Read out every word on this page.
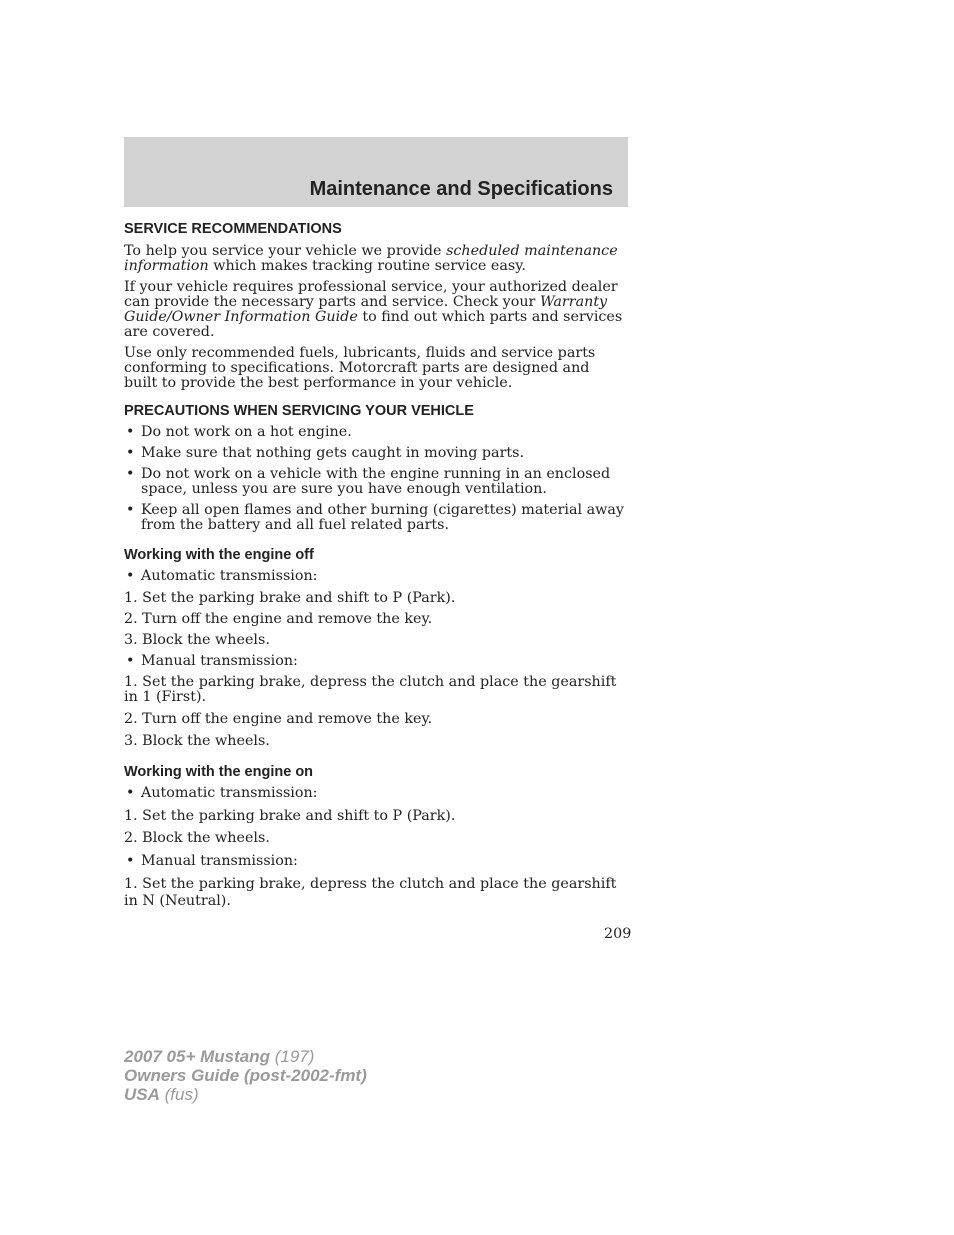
Maintenance and Specifications
SERVICE RECOMMENDATIONS

To help you service your vehicle we provide scheduled maintenance information which makes tracking routine service easy.

If your vehicle requires professional service, your authorized dealer can provide the necessary parts and service. Check your Warranty Guide/Owner Information Guide to find out which parts and services are covered.

Use only recommended fuels, lubricants, fluids and service parts conforming to specifications. Motorcraft parts are designed and built to provide the best performance in your vehicle.

PRECAUTIONS WHEN SERVICING YOUR VEHICLE
• Do not work on a hot engine.
• Make sure that nothing gets caught in moving parts.
• Do not work on a vehicle with the engine running in an enclosed space, unless you are sure you have enough ventilation.
• Keep all open flames and other burning (cigarettes) material away from the battery and all fuel related parts.
Working with the engine off
• Automatic transmission:

1. Set the parking brake and shift to P (Park).

2. Turn off the engine and remove the key.

3. Block the wheels.

• Manual transmission:

1. Set the parking brake, depress the clutch and place the gearshift in 1 (First).

2. Turn off the engine and remove the key.

3. Block the wheels.

Working with the engine on
• Automatic transmission:

1. Set the parking brake and shift to P (Park).

2. Block the wheels.

• Manual transmission:

1. Set the parking brake, depress the clutch and place the gearshift in N (Neutral).

209
2007 05+ Mustang (197)
Owners Guide (post-2002-fmt)
USA (fus)
